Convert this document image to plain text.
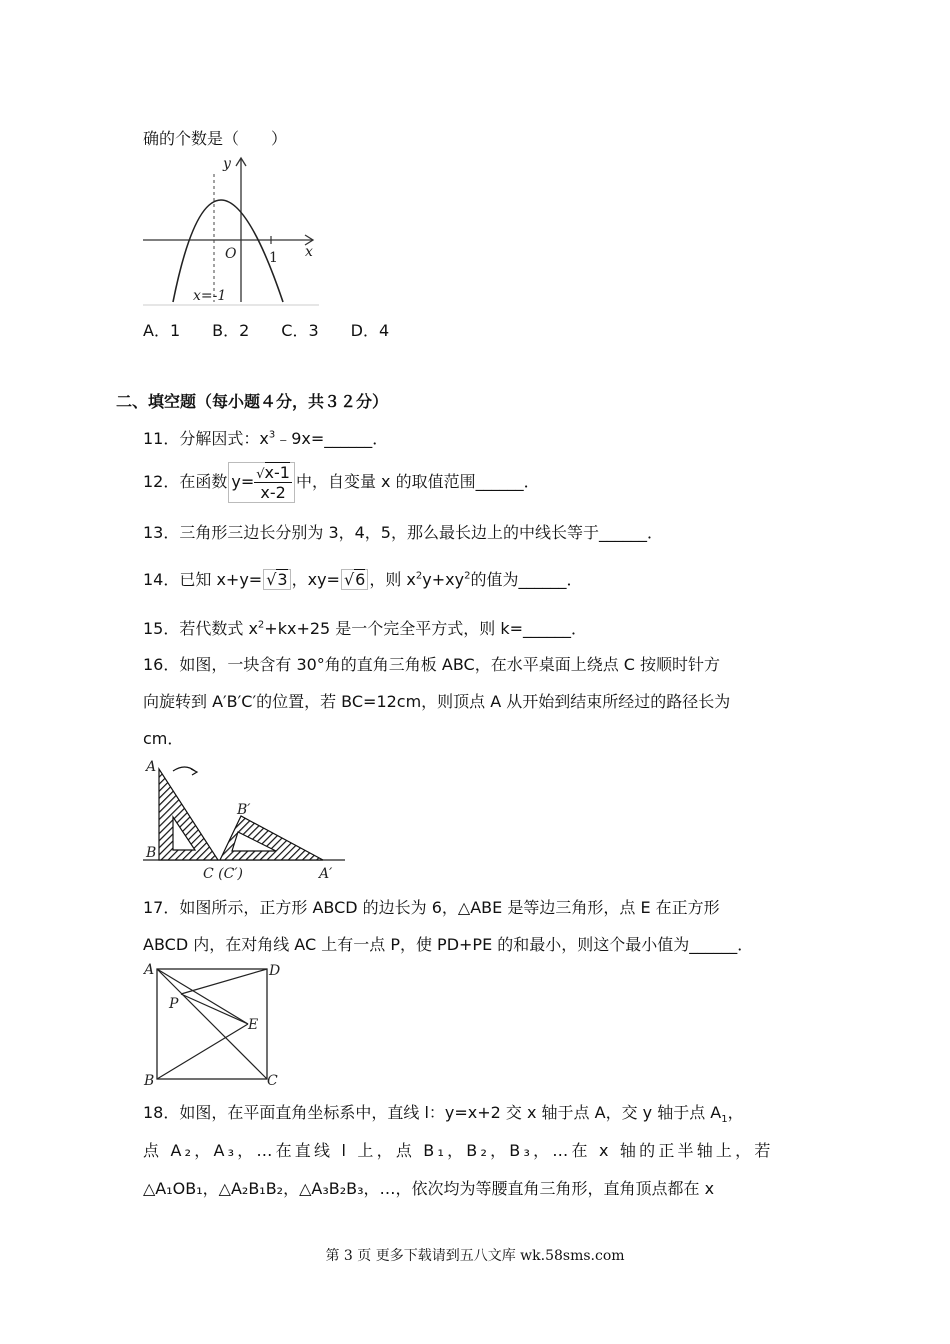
确的个数是（　　）
y
x
O 1
x=-1
A．1　　B．2　　C．3　　D．4
二、填空题（每小题４分，共３２分）
11．分解因式：$x^3﹣9x=\_\_\_\_\_\_$．
12．在函数 $y= \frac{√x-1}{x-2}$ 中，自变量 x 的取值范围______．
13．三角形三边长分别为 3，4，5，那么最长边上的中线长等于______．
14．已知 x+y= √3 ，xy= √6 ，则 $x^2y+xy^2$的值为______．
15．若代数式 $x^2+kx+25$ 是一个完全平方式，则 k=______．
16．如图，一块含有 30°角的直角三角板 ABC，在水平桌面上绕点 C 按顺时针方
向旋转到 A′B′C′的位置，若 BC=12cm，则顶点 A 从开始到结束所经过的路径长为
cm．
A
B
B′
C (C′)	A′
17．如图所示，正方形 ABCD 的边长为 6，△ABE 是等边三角形，点 E 在正方形
ABCD 内，在对角线 AC 上有一点 P，使 PD+PE 的和最小，则这个最小值为______．
A	D
B	C
P
E
18．如图，在平面直角坐标系中，直线 l：y=x+2 交 x 轴于点 A，交 y 轴于点 $A_1$，
点 A₂，A₃，…在直线 l 上，点 B₁，B₂，B₃，…在 x 轴的正半轴上，若
△A₁OB₁，△A₂B₁B₂，△A₃B₂B₃，…，依次均为等腰直角三角形，直角顶点都在 x
第 3 页 更多下载请到五八文库 wk.58sms.com
